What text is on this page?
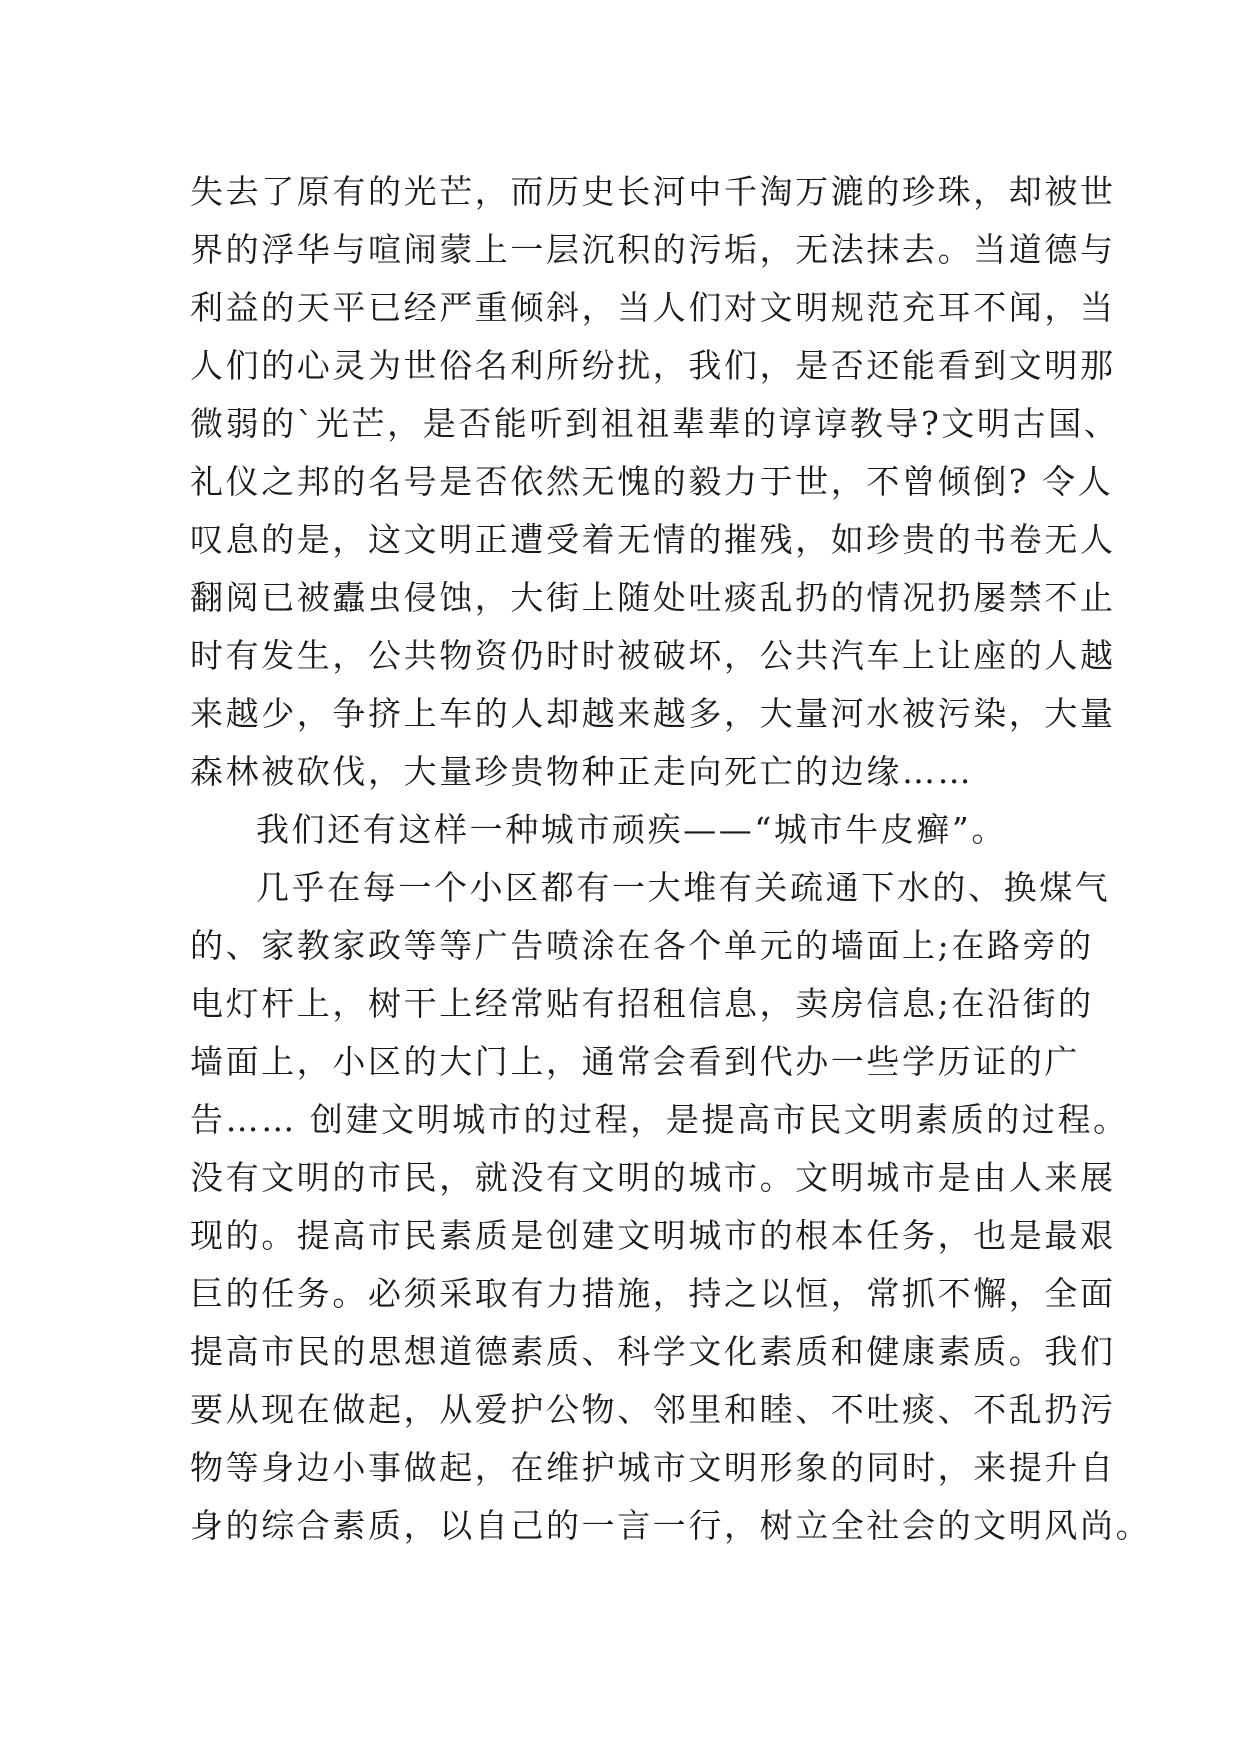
失去了原有的光芒，而历史长河中千淘万漉的珍珠，却被世
界的浮华与喧闹蒙上一层沉积的污垢，无法抹去。当道德与
利益的天平已经严重倾斜，当人们对文明规范充耳不闻，当
人们的心灵为世俗名利所纷扰，我们，是否还能看到文明那
微弱的`光芒，是否能听到祖祖辈辈的谆谆教导?文明古国、
礼仪之邦的名号是否依然无愧的毅力于世，不曾倾倒? 令人
叹息的是，这文明正遭受着无情的摧残，如珍贵的书卷无人
翻阅已被蠹虫侵蚀，大街上随处吐痰乱扔的情况扔屡禁不止
时有发生，公共物资仍时时被破坏，公共汽车上让座的人越
来越少，争挤上车的人却越来越多，大量河水被污染，大量
森林被砍伐，大量珍贵物种正走向死亡的边缘……
我们还有这样一种城市顽疾——“城市牛皮癣”。
几乎在每一个小区都有一大堆有关疏通下水的、换煤气
的、家教家政等等广告喷涂在各个单元的墙面上;在路旁的
电灯杆上，树干上经常贴有招租信息，卖房信息;在沿街的
墙面上，小区的大门上，通常会看到代办一些学历证的广
告…… 创建文明城市的过程，是提高市民文明素质的过程。
没有文明的市民，就没有文明的城市。文明城市是由人来展
现的。提高市民素质是创建文明城市的根本任务，也是最艰
巨的任务。必须采取有力措施，持之以恒，常抓不懈，全面
提高市民的思想道德素质、科学文化素质和健康素质。我们
要从现在做起，从爱护公物、邻里和睦、不吐痰、不乱扔污
物等身边小事做起，在维护城市文明形象的同时，来提升自
身的综合素质，以自己的一言一行，树立全社会的文明风尚。
